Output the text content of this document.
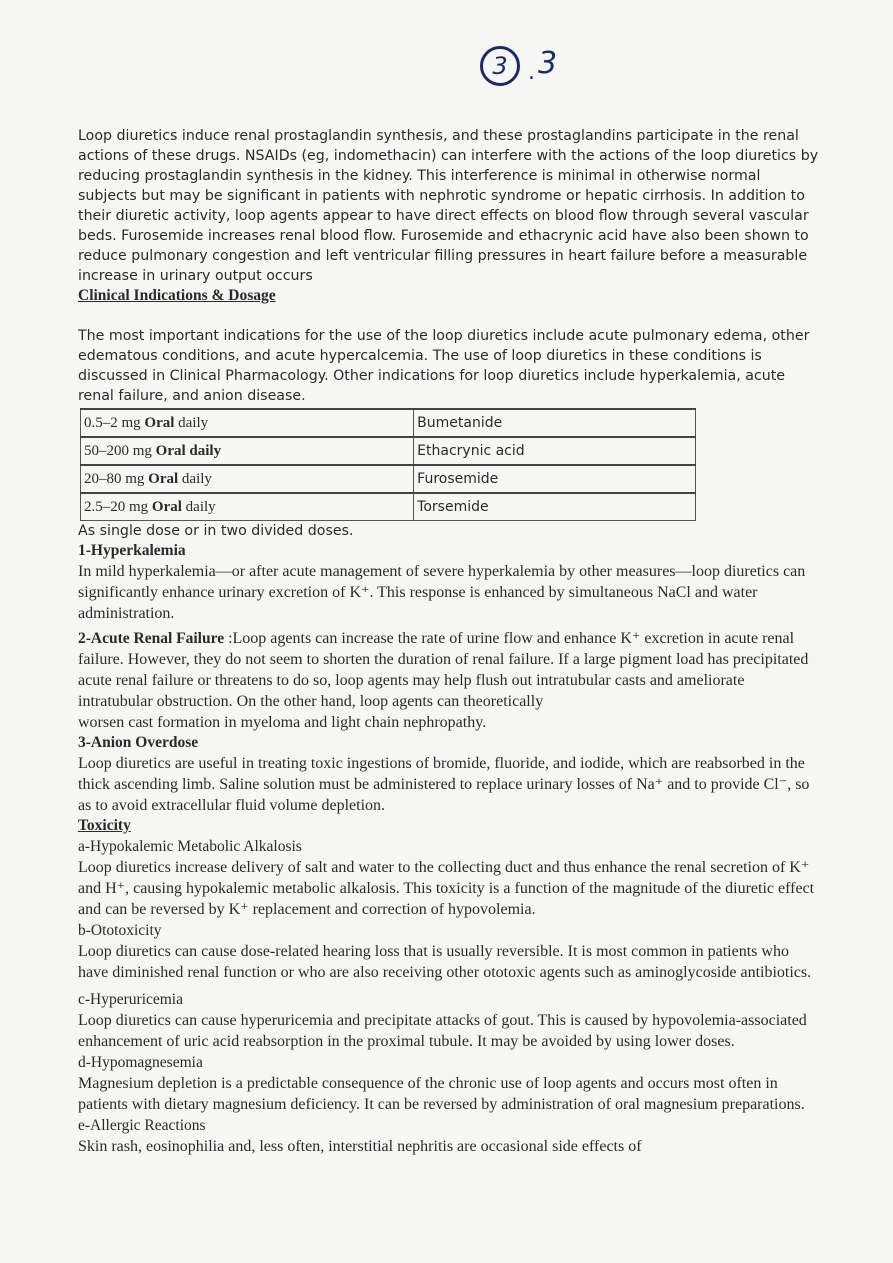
3 . 3

Loop diuretics induce renal prostaglandin synthesis, and these prostaglandins participate in the renal actions of these drugs. NSAIDs (eg, indomethacin) can interfere with the actions of the loop diuretics by reducing prostaglandin synthesis in the kidney. This interference is minimal in otherwise normal subjects but may be significant in patients with nephrotic syndrome or hepatic cirrhosis. In addition to their diuretic activity, loop agents appear to have direct effects on blood flow through several vascular beds. Furosemide increases renal blood flow. Furosemide and ethacrynic acid have also been shown to reduce pulmonary congestion and left ventricular filling pressures in heart failure before a measurable increase in urinary output occurs

Clinical Indications & Dosage

The most important indications for the use of the loop diuretics include acute pulmonary edema, other edematous conditions, and acute hypercalcemia. The use of loop diuretics in these conditions is discussed in Clinical Pharmacology. Other indications for loop diuretics include hyperkalemia, acute renal failure, and anion disease.

0.5–2 mg Oral daily	Bumetanide
50–200 mg Oral daily	Ethacrynic acid
20–80 mg Oral daily	Furosemide
2.5–20 mg Oral daily	Torsemide

As single dose or in two divided doses.

1-Hyperkalemia

In mild hyperkalemia—or after acute management of severe hyperkalemia by other measures—loop diuretics can significantly enhance urinary excretion of K⁺. This response is enhanced by simultaneous NaCl and water administration.

2-Acute Renal Failure :Loop agents can increase the rate of urine flow and enhance K⁺ excretion in acute renal failure. However, they do not seem to shorten the duration of renal failure. If a large pigment load has precipitated acute renal failure or threatens to do so, loop agents may help flush out intratubular casts and ameliorate intratubular obstruction. On the other hand, loop agents can theoretically

worsen cast formation in myeloma and light chain nephropathy.

3-Anion Overdose

Loop diuretics are useful in treating toxic ingestions of bromide, fluoride, and iodide, which are reabsorbed in the thick ascending limb. Saline solution must be administered to replace urinary losses of Na⁺ and to provide Cl⁻, so as to avoid extracellular fluid volume depletion.

Toxicity

a-Hypokalemic Metabolic Alkalosis

Loop diuretics increase delivery of salt and water to the collecting duct and thus enhance the renal secretion of K⁺ and H⁺, causing hypokalemic metabolic alkalosis. This toxicity is a function of the magnitude of the diuretic effect and can be reversed by K⁺ replacement and correction of hypovolemia.

b-Ototoxicity

Loop diuretics can cause dose-related hearing loss that is usually reversible. It is most common in patients who have diminished renal function or who are also receiving other ototoxic agents such as aminoglycoside antibiotics.

c-Hyperuricemia

Loop diuretics can cause hyperuricemia and precipitate attacks of gout. This is caused by hypovolemia-associated enhancement of uric acid reabsorption in the proximal tubule. It may be avoided by using lower doses.

d-Hypomagnesemia

Magnesium depletion is a predictable consequence of the chronic use of loop agents and occurs most often in patients with dietary magnesium deficiency. It can be reversed by administration of oral magnesium preparations.

e-Allergic Reactions

Skin rash, eosinophilia and, less often, interstitial nephritis are occasional side effects of
